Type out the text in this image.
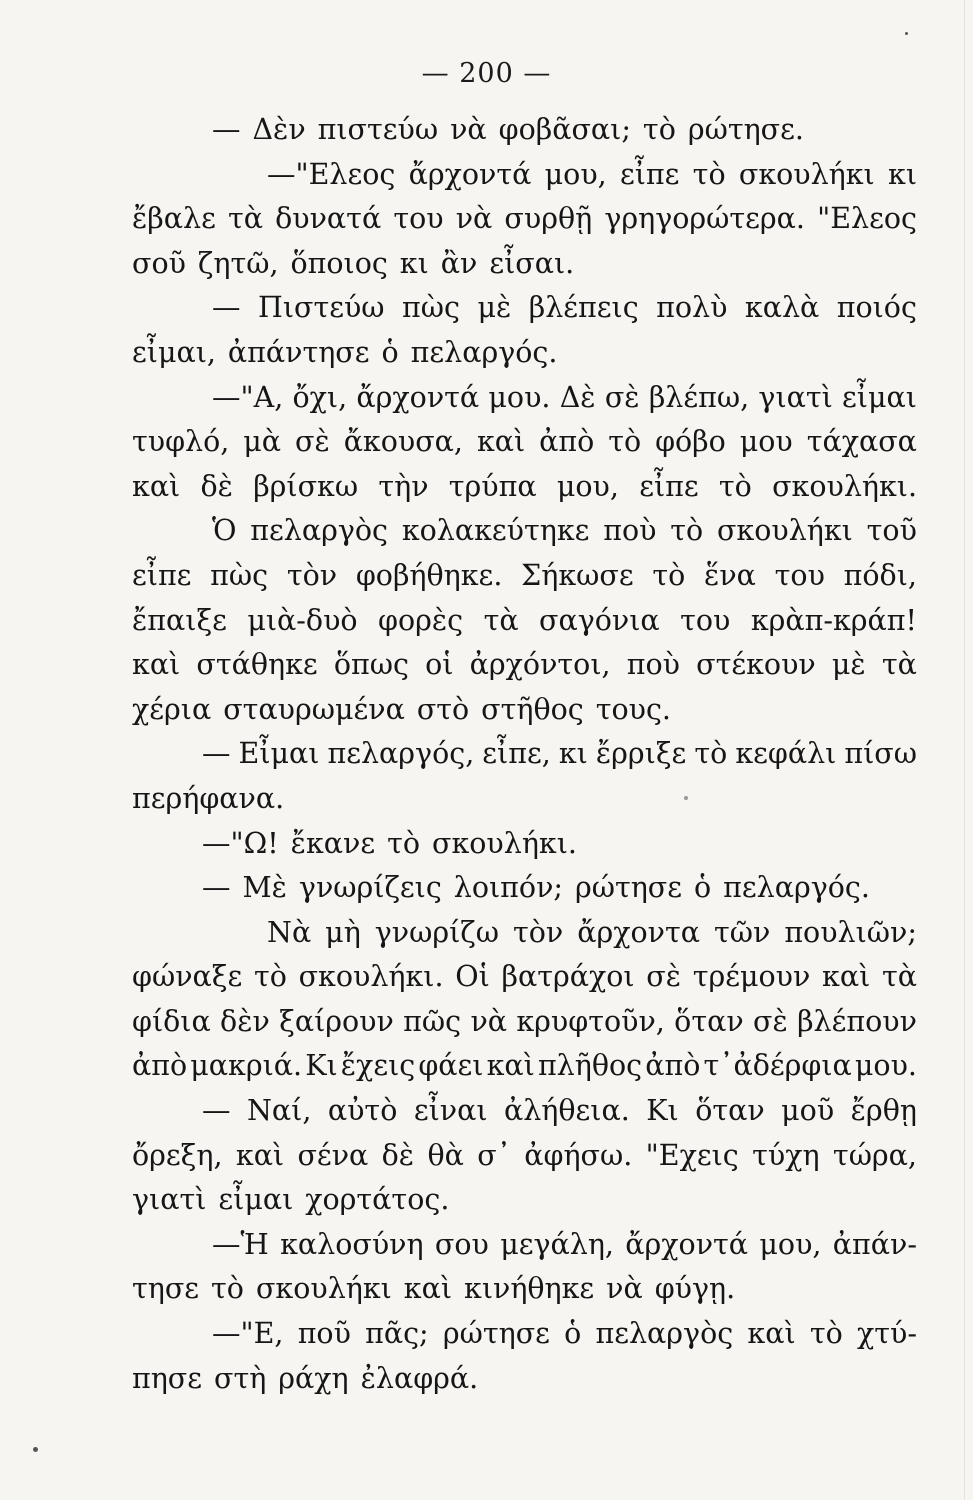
— 200 —
— Δὲν πιστεύω νὰ φοβᾶσαι; τὸ ρώτησε.
—"Ελεος ἄρχοντά μου, εἶπε τὸ σκουλήκι κι
ἔβαλε τὰ δυνατά του νὰ συρθῇ γρηγορώτερα. "Ελεος
σοῦ ζητῶ, ὅποιος κι ἂν εἶσαι.
— Πιστεύω πὼς μὲ βλέπεις πολὺ καλὰ ποιός
εἶμαι, ἀπάντησε ὁ πελαργός.
—"Α, ὄχι, ἄρχοντά μου. Δὲ σὲ βλέπω, γιατὶ εἶμαι
τυφλό, μὰ σὲ ἄκουσα, καὶ ἀπὸ τὸ φόβο μου τάχασα
καὶ δὲ βρίσκω τὴν τρύπα μου, εἶπε τὸ σκουλήκι.
Ὁ πελαργὸς κολακεύτηκε ποὺ τὸ σκουλήκι τοῦ
εἶπε πὼς τὸν φοβήθηκε. Σήκωσε τὸ ἕνα του πόδι,
ἔπαιξε μιὰ-δυὸ φορὲς τὰ σαγόνια του κρὰπ-κράπ!
καὶ στάθηκε ὅπως οἱ ἀρχόντοι, ποὺ στέκουν μὲ τὰ
χέρια σταυρωμένα στὸ στῆθος τους.
— Εἶμαι πελαργός, εἶπε, κι ἔρριξε τὸ κεφάλι πίσω
περήφανα.
—"Ω! ἔκανε τὸ σκουλήκι.
— Μὲ γνωρίζεις λοιπόν; ρώτησε ὁ πελαργός.
Νὰ μὴ γνωρίζω τὸν ἄρχοντα τῶν πουλιῶν;
φώναξε τὸ σκουλήκι. Οἱ βατράχοι σὲ τρέμουν καὶ τὰ
φίδια δὲν ξαίρουν πῶς νὰ κρυφτοῦν, ὅταν σὲ βλέπουν
ἀπὸ μακριά. Κι ἔχεις φάει καὶ πλῆθος ἀπὸ τ᾽ἀδέρφια μου.
— Ναί, αὐτὸ εἶναι ἀλήθεια. Κι ὅταν μοῦ ἔρθῃ
ὄρεξη, καὶ σένα δὲ θὰ σ᾽ ἀφήσω. "Εχεις τύχη τώρα,
γιατὶ εἶμαι χορτάτος.
—Ἡ καλοσύνη σου μεγάλη, ἄρχοντά μου, ἀπάν-
τησε τὸ σκουλήκι καὶ κινήθηκε νὰ φύγῃ.
—"Ε, ποῦ πᾶς; ρώτησε ὁ πελαργὸς καὶ τὸ χτύ-
πησε στὴ ράχη ἐλαφρά.
